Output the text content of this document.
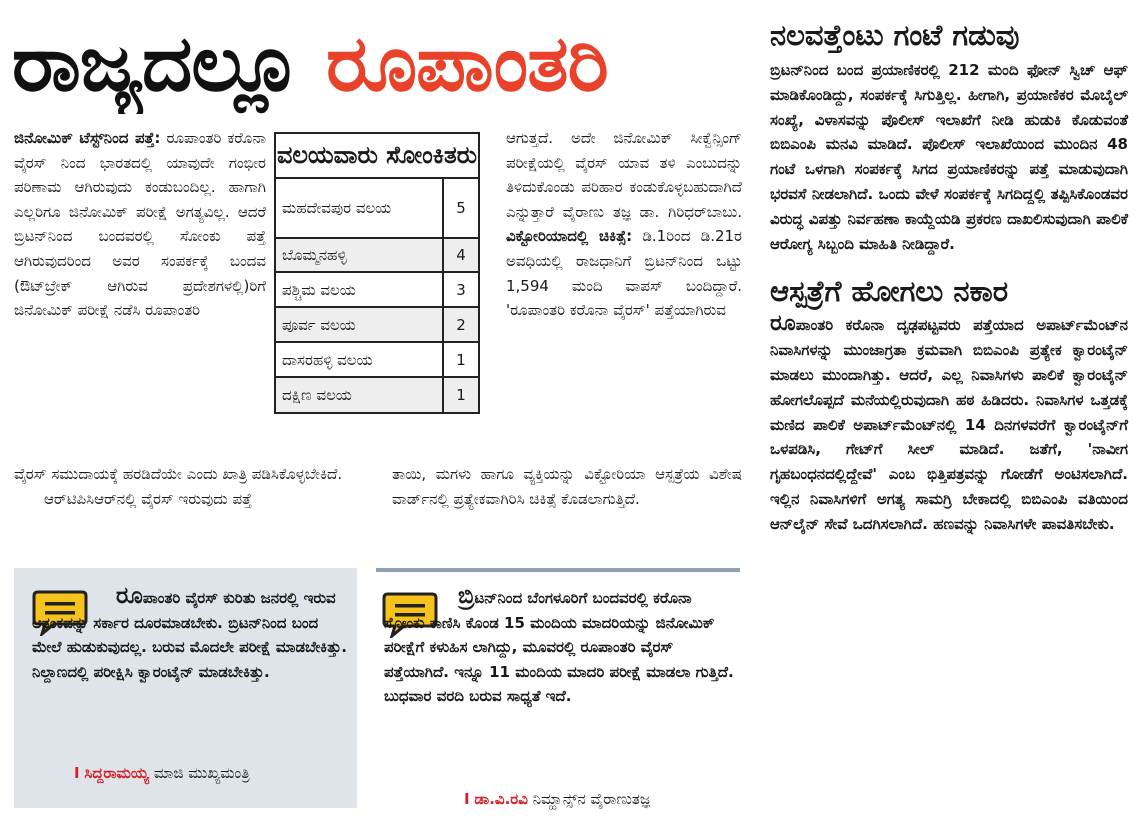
ರಾಜ್ಯದಲ್ಲೂ ರೂಪಾಂತರಿ
ಜಿನೋಮಿಕ್ ಟೆಸ್ಟ್‌ನಿಂದ ಪತ್ತೆ: ರೂಪಾಂತರಿ ಕರೊನಾ ವೈರಸ್ ನಿಂದ ಭಾರತದಲ್ಲಿ ಯಾವುದೇ ಗಂಭೀರ ಪರಿಣಾಮ ಆಗಿರುವುದು ಕಂಡುಬಂದಿಲ್ಲ. ಹಾಗಾಗಿ ಎಲ್ಲರಿಗೂ ಜಿನೋಮಿಕ್ ಪರೀಕ್ಷೆ ಅಗತ್ಯವಿಲ್ಲ. ಆದರೆ ಬ್ರಿಟನ್‌ನಿಂದ ಬಂದವರಲ್ಲಿ ಸೋಂಕು ಪತ್ತೆ ಆಗಿರುವುದರಿಂದ ಅವರ ಸಂಪರ್ಕಕ್ಕೆ ಬಂದವ (ಔಟ್‌ಬ್ರೇಕ್ ಆಗಿರುವ ಪ್ರದೇಶಗಳಲ್ಲಿ)ರಿಗೆ ಜಿನೋಮಿಕ್ ಪರೀಕ್ಷೆ ನಡೆಸಿ ರೂಪಾಂತರಿ
ವೈರಸ್ ಸಮುದಾಯಕ್ಕೆ ಹರಡಿದೆಯೇ ಎಂದು ಖಾತ್ರಿ ಪಡಿಸಿಕೊಳ್ಳಬೇಕಿದೆ.
ಆರ್‌ಟಿಪಿಸಿಆರ್‌ನಲ್ಲಿ ವೈರಸ್ ಇರುವುದು ಪತ್ತೆ
ವಲಯವಾರು ಸೋಂಕಿತರು
ಮಹದೇವಪುರ ವಲಯ	5
ಬೊಮ್ಮನಹಳ್ಳಿ	4
ಪಶ್ಚಿಮ ವಲಯ	3
ಪೂರ್ವ ವಲಯ	2
ದಾಸರಹಳ್ಳಿ ವಲಯ	1
ದಕ್ಷಿಣ ವಲಯ	1
ಆಗುತ್ತದೆ. ಅದೇ ಜಿನೋಮಿಕ್ ಸೀಕ್ವೆನ್ಸಿಂಗ್ ಪರೀಕ್ಷೆಯಲ್ಲಿ ವೈರಸ್ ಯಾವ ತಳಿ ಎಂಬುದನ್ನು ತಿಳಿದುಕೊಂಡು ಪರಿಹಾರ ಕಂಡುಕೊಳ್ಳಬಹುದಾಗಿದೆ ಎನ್ನುತ್ತಾರೆ ವೈರಾಣು ತಜ್ಞ ಡಾ. ಗಿರಿಧರ್‌ಬಾಬು. ವಿಕ್ಟೋರಿಯಾದಲ್ಲಿ ಚಿಕಿತ್ಸೆ: ಡಿ.1ರಿಂದ ಡಿ.21ರ ಅವಧಿಯಲ್ಲಿ ರಾಜಧಾನಿಗೆ ಬ್ರಿಟನ್‌ನಿಂದ ಒಟ್ಟು 1,594 ಮಂದಿ ವಾಪಸ್ ಬಂದಿದ್ದಾರೆ. 'ರೂಪಾಂತರಿ ಕರೊನಾ ವೈರಸ್' ಪತ್ತೆಯಾಗಿರುವ
ತಾಯಿ, ಮಗಳು ಹಾಗೂ ವ್ಯಕ್ತಿಯನ್ನು ವಿಕ್ಟೋರಿಯಾ ಆಸ್ಪತ್ರೆಯ ವಿಶೇಷ ವಾರ್ಡ್‌ನಲ್ಲಿ ಪ್ರತ್ಯೇಕವಾಗಿರಿಸಿ ಚಿಕಿತ್ಸೆ ಕೊಡಲಾಗುತ್ತಿದೆ.
ನಲವತ್ತೆಂಟು ಗಂಟೆ ಗಡುವು
ಬ್ರಿಟನ್‌ನಿಂದ ಬಂದ ಪ್ರಯಾಣಿಕರಲ್ಲಿ 212 ಮಂದಿ ಫೋನ್ ಸ್ವಿಚ್ ಆಫ್ ಮಾಡಿಕೊಂಡಿದ್ದು, ಸಂಪರ್ಕಕ್ಕೆ ಸಿಗುತ್ತಿಲ್ಲ. ಹೀಗಾಗಿ, ಪ್ರಯಾಣಿಕರ ಮೊಬೈಲ್ ಸಂಖ್ಯೆ, ವಿಳಾಸವನ್ನು ಪೊಲೀಸ್ ಇಲಾಖೆಗೆ ನೀಡಿ ಹುಡುಕಿ ಕೊಡುವಂತೆ ಬಿಬಿಎಂಪಿ ಮನವಿ ಮಾಡಿದೆ. ಪೊಲೀಸ್ ಇಲಾಖೆಯಿಂದ ಮುಂದಿನ 48 ಗಂಟೆ ಒಳಗಾಗಿ ಸಂಪರ್ಕಕ್ಕೆ ಸಿಗದ ಪ್ರಯಾಣಿಕರನ್ನು ಪತ್ತೆ ಮಾಡುವುದಾಗಿ ಭರವಸೆ ನೀಡಲಾಗಿದೆ. ಒಂದು ವೇಳೆ ಸಂಪರ್ಕಕ್ಕೆ ಸಿಗದಿದ್ದಲ್ಲಿ ತಪ್ಪಿಸಿಕೊಂಡವರ ವಿರುದ್ಧ ವಿಪತ್ತು ನಿರ್ವಹಣಾ ಕಾಯ್ದೆಯಡಿ ಪ್ರಕರಣ ದಾಖಲಿಸುವುದಾಗಿ ಪಾಲಿಕೆ ಆರೋಗ್ಯ ಸಿಬ್ಬಂದಿ ಮಾಹಿತಿ ನೀಡಿದ್ದಾರೆ.
ಆಸ್ಪತ್ರೆಗೆ ಹೋಗಲು ನಕಾರ
ರೂಪಾಂತರಿ ಕರೊನಾ ದೃಢಪಟ್ಟವರು ಪತ್ತೆಯಾದ ಅಪಾರ್ಟ್‌ಮೆಂಟ್‌ನ ನಿವಾಸಿಗಳನ್ನು ಮುಂಜಾಗ್ರತಾ ಕ್ರಮವಾಗಿ ಬಿಬಿಎಂಪಿ ಪ್ರತ್ಯೇಕ ಕ್ವಾರಂಟೈನ್ ಮಾಡಲು ಮುಂದಾಗಿತ್ತು. ಆದರೆ, ಎಲ್ಲ ನಿವಾಸಿಗಳು ಪಾಲಿಕೆ ಕ್ವಾರಂಟೈನ್ ಹೋಗಲೊಪ್ಪದೆ ಮನೆಯಲ್ಲಿರುವುದಾಗಿ ಹಠ ಹಿಡಿದರು. ನಿವಾಸಿಗಳ ಒತ್ತಡಕ್ಕೆ ಮಣಿದ ಪಾಲಿಕೆ ಅಪಾರ್ಟ್‌ಮೆಂಟ್‌ನಲ್ಲಿ 14 ದಿನಗಳವರೆಗೆ ಕ್ವಾರಂಟೈನ್‌ಗೆ ಒಳಪಡಿಸಿ, ಗೇಟ್‌ಗೆ ಸೀಲ್ ಮಾಡಿದೆ. ಜತೆಗೆ, 'ನಾವೀಗ ಗೃಹಬಂಧನದಲ್ಲಿದ್ದೇವೆ' ಎಂಬ ಭಿತ್ತಿಪತ್ರವನ್ನು ಗೋಡೆಗೆ ಅಂಟಿಸಲಾಗಿದೆ. ಇಲ್ಲಿನ ನಿವಾಸಿಗಳಿಗೆ ಅಗತ್ಯ ಸಾಮಗ್ರಿ ಬೇಕಾದಲ್ಲಿ ಬಿಬಿಎಂಪಿ ವತಿಯಿಂದ ಆನ್‌ಲೈನ್ ಸೇವೆ ಒದಗಿಸಲಾಗಿದೆ. ಹಣವನ್ನು ನಿವಾಸಿಗಳೇ ಪಾವತಿಸಬೇಕು.
ರೂಪಾಂತರಿ ವೈರಸ್ ಕುರಿತು ಜನರಲ್ಲಿ ಇರುವ ಆತಂಕವನ್ನು ಸರ್ಕಾರ ದೂರಮಾಡಬೇಕು. ಬ್ರಿಟನ್‌ನಿಂದ ಬಂದ ಮೇಲೆ ಹುಡುಕುವುದಲ್ಲ. ಬರುವ ಮೊದಲೇ ಪರೀಕ್ಷೆ ಮಾಡಬೇಕಿತ್ತು. ನಿಲ್ದಾಣದಲ್ಲಿ ಪರೀಕ್ಷಿಸಿ ಕ್ವಾರಂಟೈನ್ ಮಾಡಬೇಕಿತ್ತು.
I ಸಿದ್ದರಾಮಯ್ಯ ಮಾಜಿ ಮುಖ್ಯಮಂತ್ರಿ
ಬ್ರಿಟನ್‌ನಿಂದ ಬೆಂಗಳೂರಿಗೆ ಬಂದವರಲ್ಲಿ ಕರೊನಾ ಸೋಂಕು ಕಾಣಿಸಿ ಕೊಂಡ 15 ಮಂದಿಯ ಮಾದರಿಯನ್ನು ಜಿನೋಮಿಕ್ ಪರೀಕ್ಷೆಗೆ ಕಳುಹಿಸ ಲಾಗಿದ್ದು, ಮೂವರಲ್ಲಿ ರೂಪಾಂತರಿ ವೈರಸ್ ಪತ್ತೆಯಾಗಿದೆ. ಇನ್ನೂ 11 ಮಂದಿಯ ಮಾದರಿ ಪರೀಕ್ಷೆ ಮಾಡಲಾ ಗುತ್ತಿದೆ. ಬುಧವಾರ ವರದಿ ಬರುವ ಸಾಧ್ಯತೆ ಇದೆ.
I ಡಾ.ವಿ.ರವಿ ನಿಮ್ಹಾನ್ಸ್‌ನ ವೈರಾಣುತಜ್ಞ
